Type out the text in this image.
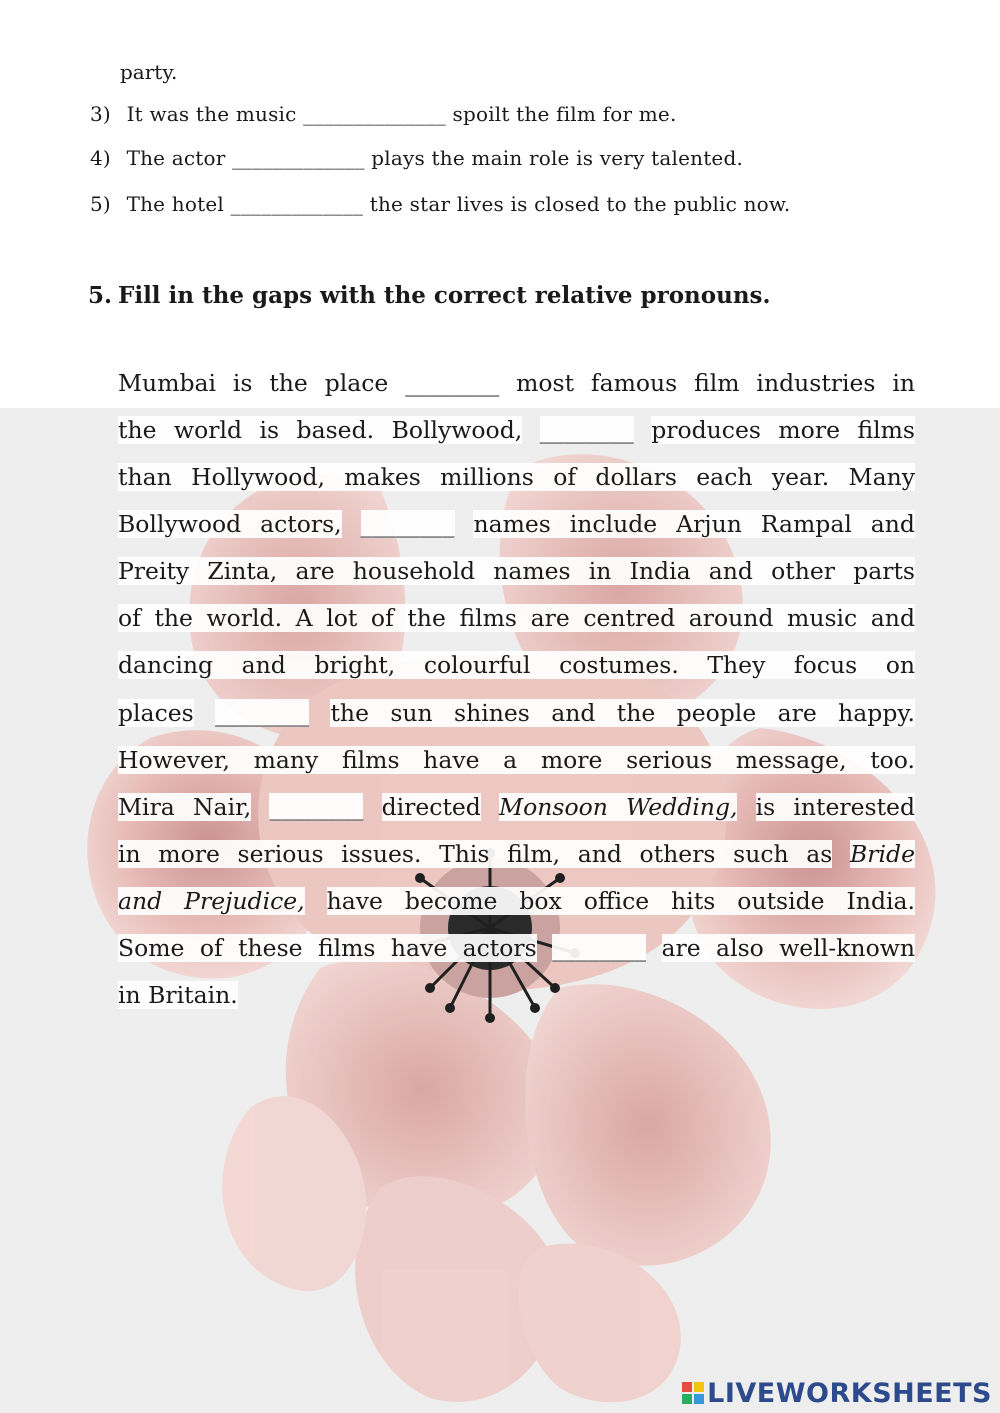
party.
3) It was the music ______________ spoilt the film for me.
4) The actor _____________ plays the main role is very talented.
5) The hotel _____________ the star lives is closed to the public now.
5. Fill in the gaps with the correct relative pronouns.
Mumbai is the place ________ most famous film industries in
the world is based. Bollywood, ________ produces more films
than Hollywood, makes millions of dollars each year. Many
Bollywood actors, ________ names include Arjun Rampal and
Preity Zinta, are household names in India and other parts
of the world. A lot of the films are centred around music and
dancing and bright, colourful costumes. They focus on
places ________ the sun shines and the people are happy.
However, many films have a more serious message, too.
Mira Nair, ________ directed Monsoon Wedding, is interested
in more serious issues. This film, and others such as Bride
and Prejudice, have become box office hits outside India.
Some of these films have actors ________ are also well-known
in Britain.
LIVEWORKSHEETS
